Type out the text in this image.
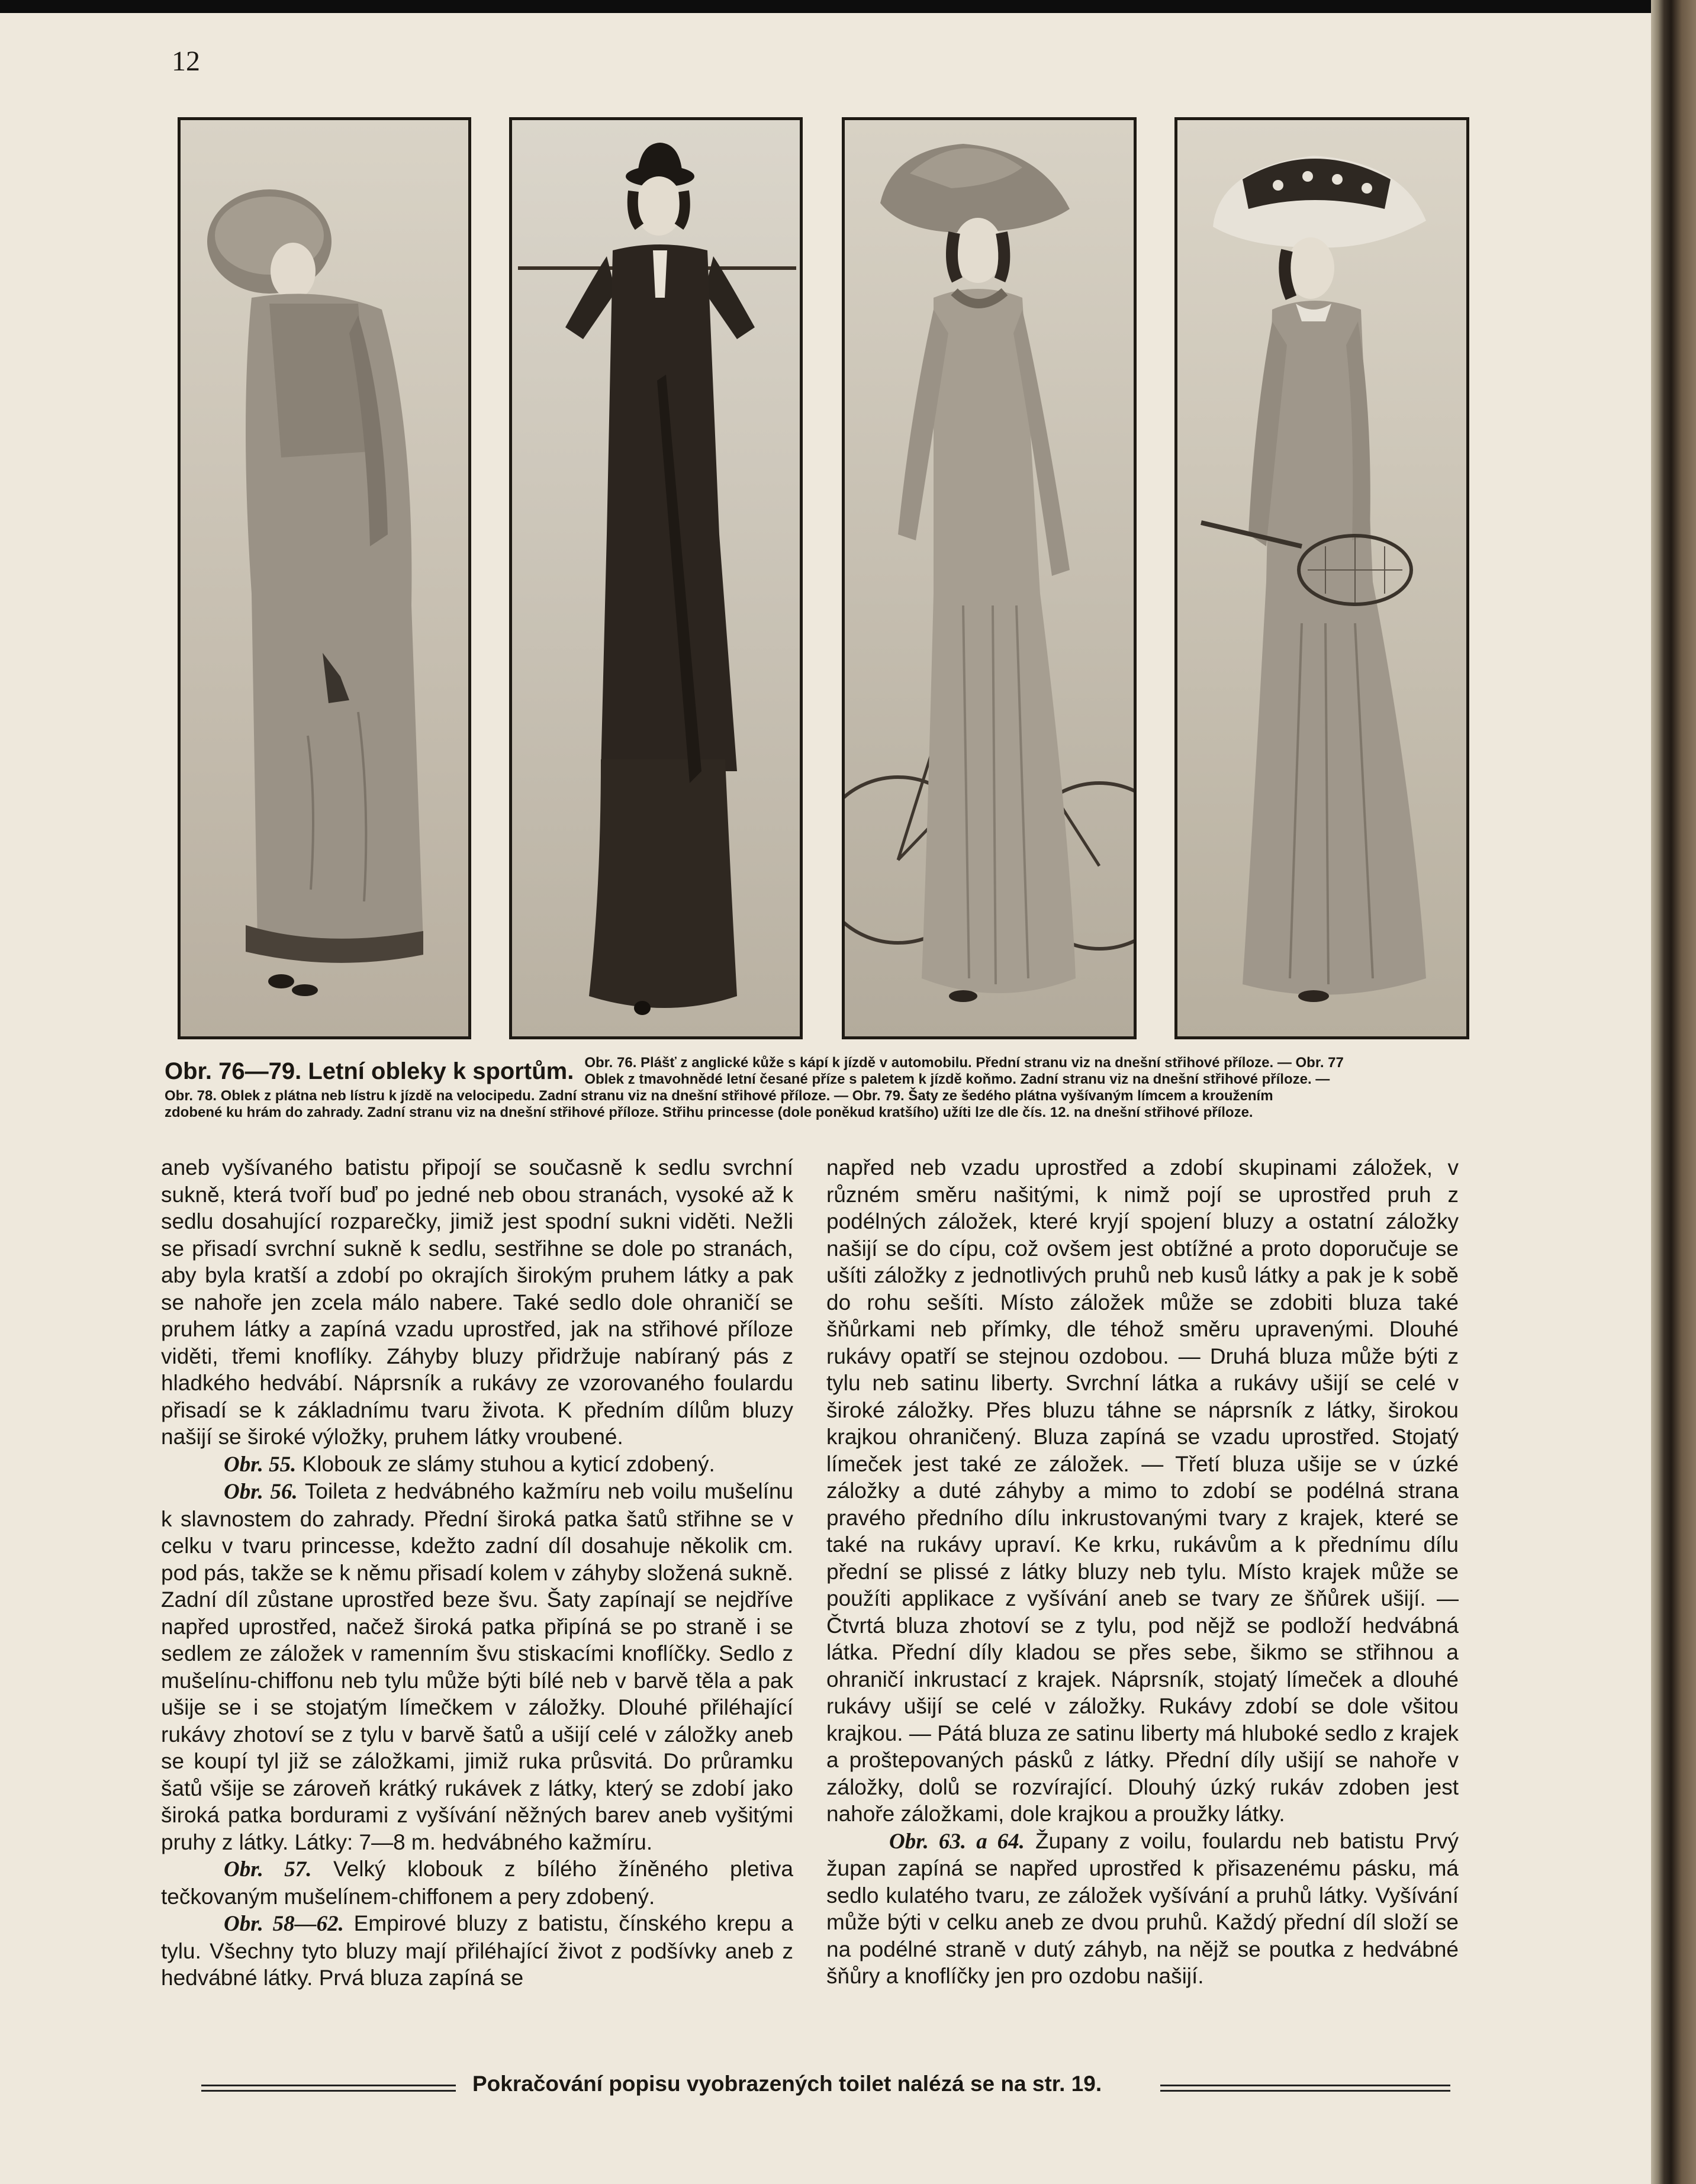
12
Obr. 76—79. Letní obleky k sportům. Obr. 76. Plášť z anglické kůže s kápí k jízdě v automobilu. Přední stranu viz na dnešní střihové příloze. — Obr. 77

Oblek z tmavohnědé letní česané příze s paletem k jízdě koňmo. Zadní stranu viz na dnešní střihové příloze. —

Obr. 78. Oblek z plátna neb lístru k jízdě na velocipedu. Zadní stranu viz na dnešní střihové příloze. — Obr. 79. Šaty ze šedého plátna vyšívaným límcem a kroužením

zdobené ku hrám do zahrady. Zadní stranu viz na dnešní střihové příloze. Střihu princesse (dole poněkud kratšího) užíti lze dle čís. 12. na dnešní střihové příloze.

aneb vyšívaného batistu připojí se současně k sedlu svrchní sukně, která tvoří buď po jedné neb obou stranách, vysoké až k sedlu dosahující rozparečky, jimiž jest spodní sukni viděti. Nežli se přisadí svrchní sukně k sedlu, sestřihne se dole po stranách, aby byla kratší a zdobí po okrajích širokým pruhem látky a pak se nahoře jen zcela málo nabere. Také sedlo dole ohraničí se pruhem látky a zapíná vzadu uprostřed, jak na střihové příloze viděti, třemi knoflíky. Záhyby bluzy přidržuje nabíraný pás z hladkého hedvábí. Náprsník a rukávy ze vzorovaného foulardu přisadí se k základnímu tvaru života. K předním dílům bluzy našijí se široké výložky, pruhem látky vroubené.

Obr. 55. Klobouk ze slámy stuhou a kyticí zdobený.

Obr. 56. Toileta z hedvábného kažmíru neb voilu mušelínu k slavnostem do zahrady. Přední široká patka šatů střihne se v celku v tvaru princesse, kdežto zadní díl dosahuje několik cm. pod pás, takže se k němu přisadí kolem v záhyby složená sukně. Zadní díl zůstane uprostřed beze švu. Šaty zapínají se nejdříve napřed uprostřed, načež široká patka připíná se po straně i se sedlem ze záložek v ramenním švu stiskacími knoflíčky. Sedlo z mušelínu-chiffonu neb tylu může býti bílé neb v barvě těla a pak ušije se i se stojatým límečkem v záložky. Dlouhé přiléhající rukávy zhotoví se z tylu v barvě šatů a ušijí celé v záložky aneb se koupí tyl již se záložkami, jimiž ruka průsvitá. Do průramku šatů všije se zároveň krátký rukávek z látky, který se zdobí jako široká patka bordurami z vyšívání něžných barev aneb vyšitými pruhy z látky. Látky: 7—8 m. hedvábného kažmíru.

Obr. 57. Velký klobouk z bílého žíněného pletiva tečkovaným mušelínem-chiffonem a pery zdobený.

Obr. 58—62. Empirové bluzy z batistu, čínského krepu a tylu. Všechny tyto bluzy mají přiléhající život z podšívky aneb z hedvábné látky. Prvá bluza zapíná se

napřed neb vzadu uprostřed a zdobí skupinami záložek, v různém směru našitými, k nimž pojí se uprostřed pruh z podélných záložek, které kryjí spojení bluzy a ostatní záložky našijí se do cípu, což ovšem jest obtížné a proto doporučuje se ušíti záložky z jednotlivých pruhů neb kusů látky a pak je k sobě do rohu sešíti. Místo záložek může se zdobiti bluza také šňůrkami neb přímky, dle téhož směru upravenými. Dlouhé rukávy opatří se stejnou ozdobou. — Druhá bluza může býti z tylu neb satinu liberty. Svrchní látka a rukávy ušijí se celé v široké záložky. Přes bluzu táhne se náprsník z látky, širokou krajkou ohraničený. Bluza zapíná se vzadu uprostřed. Stojatý límeček jest také ze záložek. — Třetí bluza ušije se v úzké záložky a duté záhyby a mimo to zdobí se podélná strana pravého předního dílu inkrustovanými tvary z krajek, které se také na rukávy upraví. Ke krku, rukávům a k přednímu dílu přední se plissé z látky bluzy neb tylu. Místo krajek může se použíti applikace z vyšívání aneb se tvary ze šňůrek ušijí. — Čtvrtá bluza zhotoví se z tylu, pod nějž se podloží hedvábná látka. Přední díly kladou se přes sebe, šikmo se střihnou a ohraničí inkrustací z krajek. Náprsník, stojatý límeček a dlouhé rukávy ušijí se celé v záložky. Rukávy zdobí se dole všitou krajkou. — Pátá bluza ze satinu liberty má hluboké sedlo z krajek a proštepovaných pásků z látky. Přední díly ušijí se nahoře v záložky, dolů se rozvírající. Dlouhý úzký rukáv zdoben jest nahoře záložkami, dole krajkou a proužky látky.

Obr. 63. a 64. Župany z voilu, foulardu neb batistu Prvý župan zapíná se napřed uprostřed k přisazenému pásku, má sedlo kulatého tvaru, ze záložek vyšívání a pruhů látky. Vyšívání může býti v celku aneb ze dvou pruhů. Každý přední díl složí se na podélné straně v dutý záhyb, na nějž se poutka z hedvábné šňůry a knoflíčky jen pro ozdobu našijí.

Pokračování popisu vyobrazených toilet nalézá se na str. 19.
